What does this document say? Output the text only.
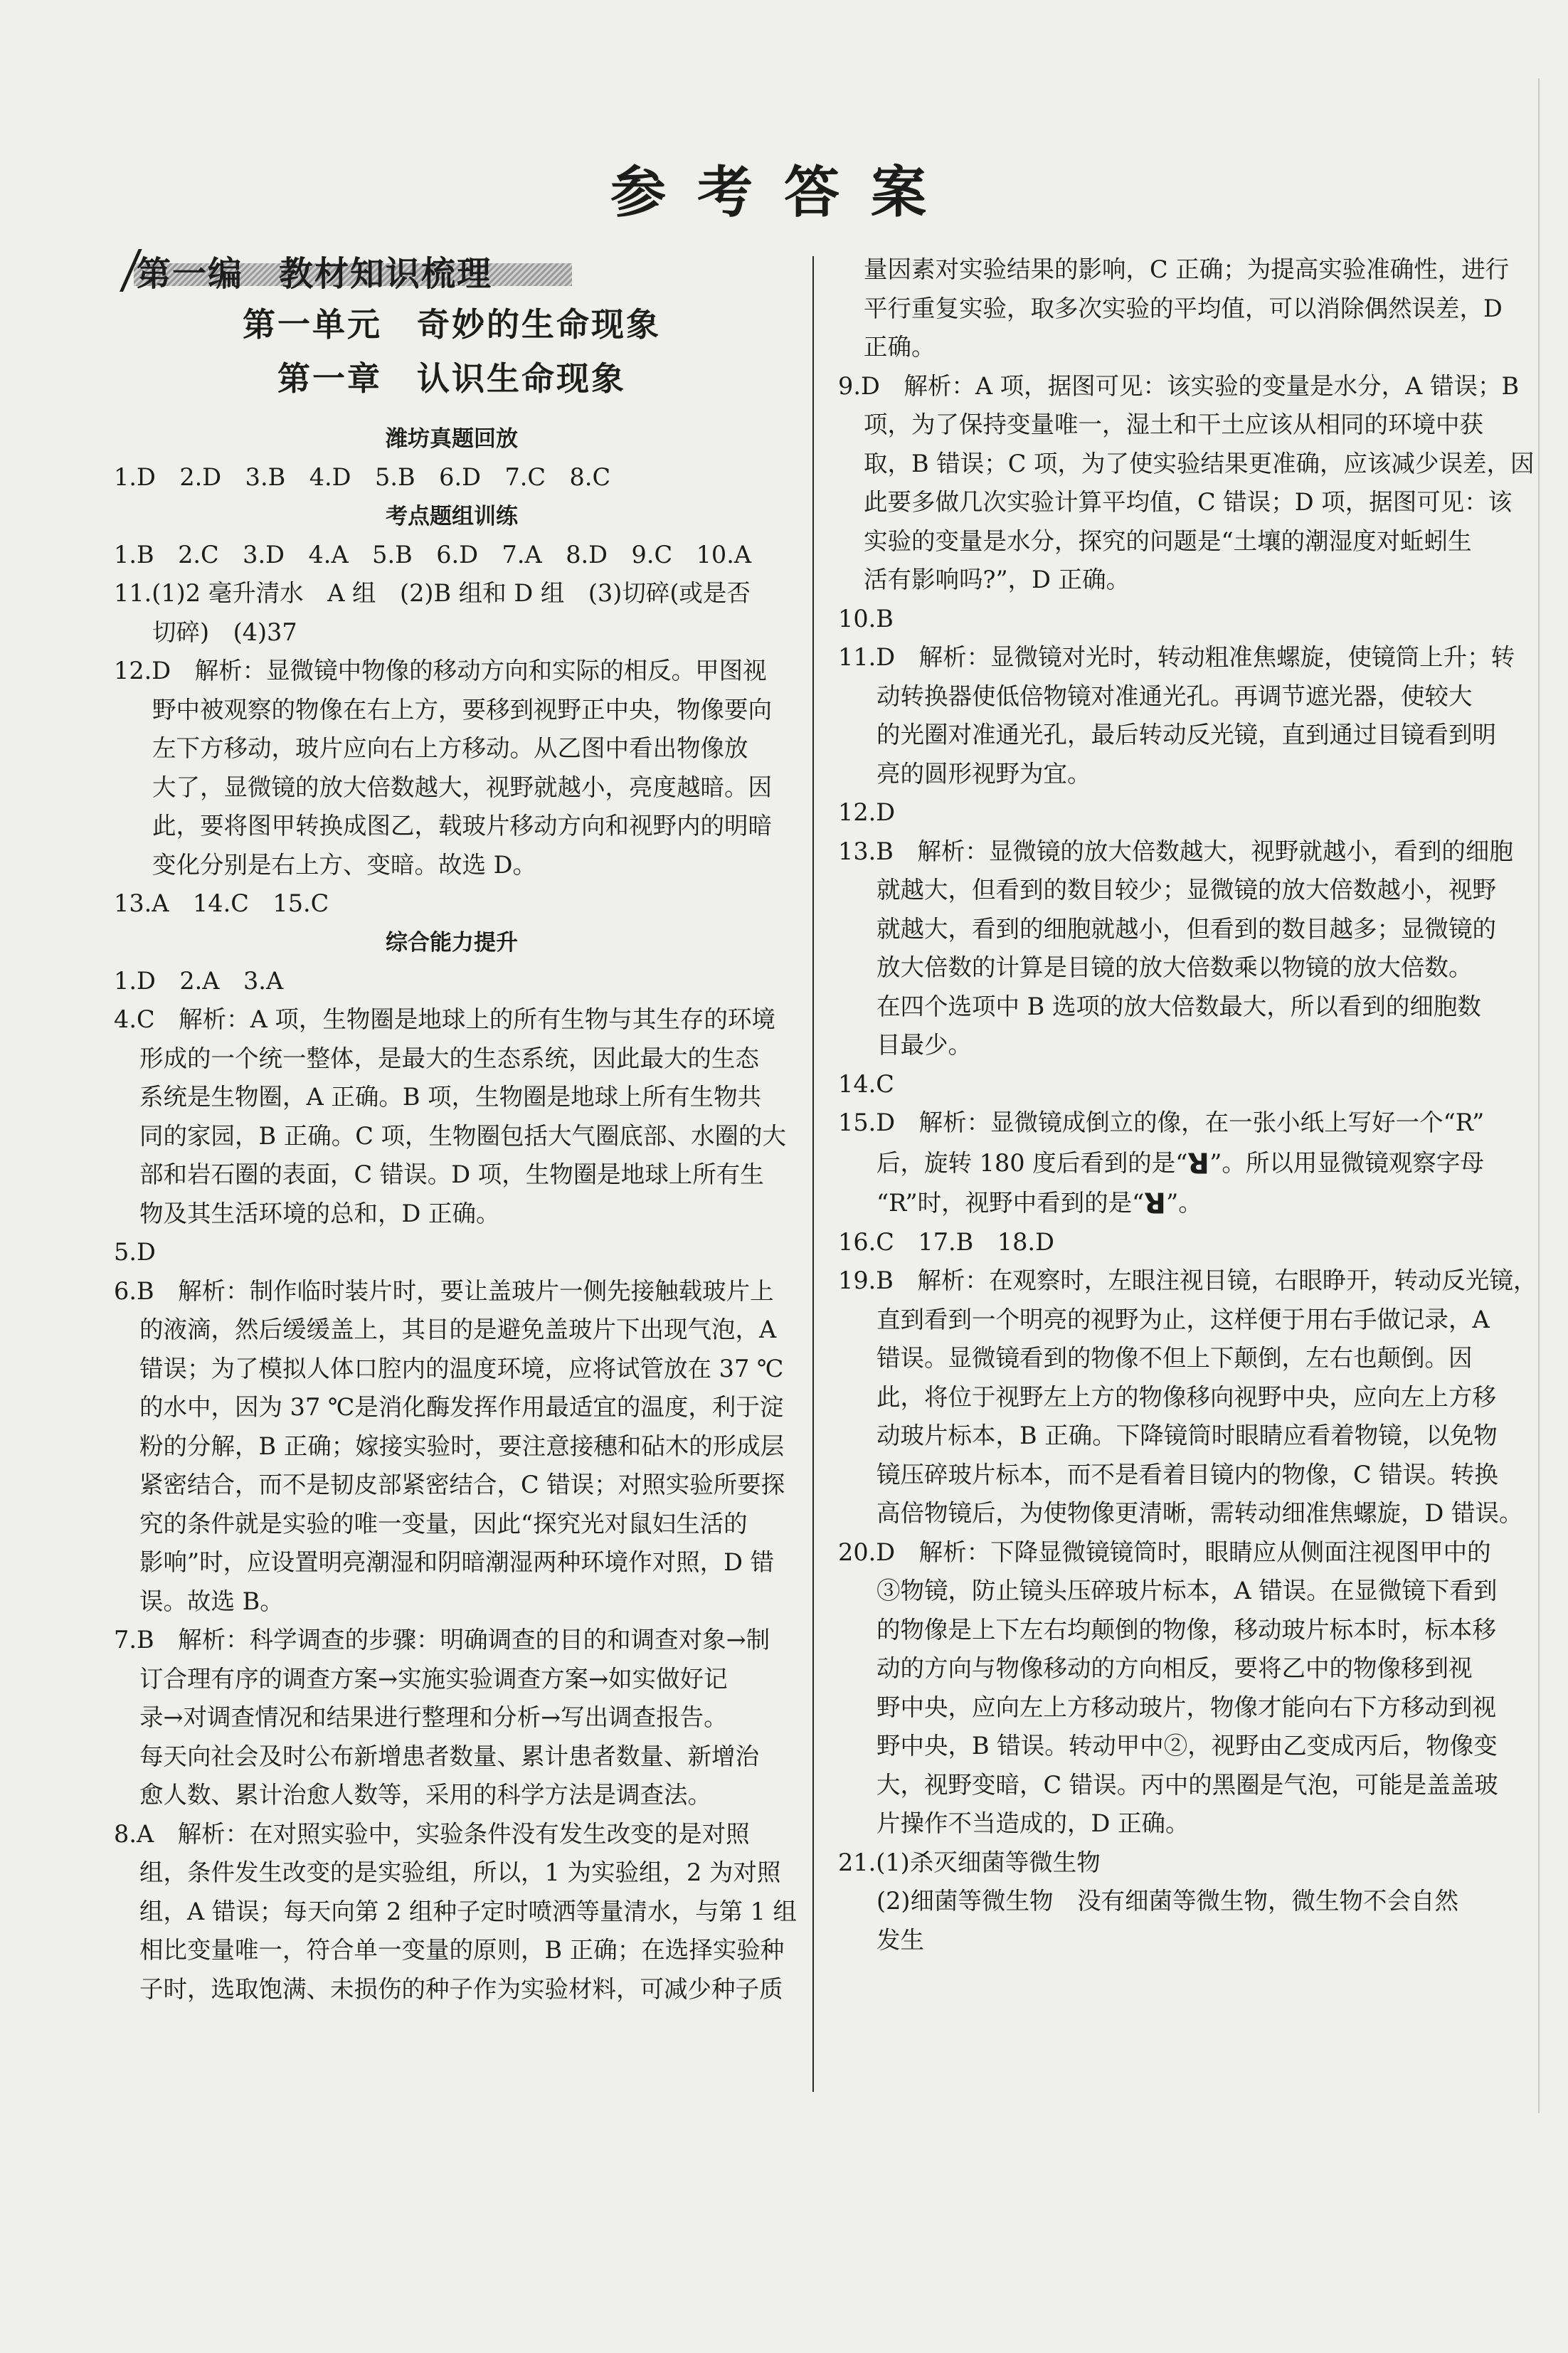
参考答案
第一编　教材知识梳理
第一单元　奇妙的生命现象
第一章　认识生命现象
潍坊真题回放
1.D　2.D　3.B　4.D　5.B　6.D　7.C　8.C
考点题组训练
1.B　2.C　3.D　4.A　5.B　6.D　7.A　8.D　9.C　10.A
11.(1)2 毫升清水　A 组　(2)B 组和 D 组　(3)切碎(或是否
切碎)　(4)37
12.D　解析：显微镜中物像的移动方向和实际的相反。甲图视
野中被观察的物像在右上方，要移到视野正中央，物像要向
左下方移动，玻片应向右上方移动。从乙图中看出物像放
大了，显微镜的放大倍数越大，视野就越小，亮度越暗。因
此，要将图甲转换成图乙，载玻片移动方向和视野内的明暗
变化分别是右上方、变暗。故选 D。
13.A　14.C　15.C
综合能力提升
1.D　2.A　3.A
4.C　解析：A 项，生物圈是地球上的所有生物与其生存的环境
形成的一个统一整体，是最大的生态系统，因此最大的生态
系统是生物圈，A 正确。B 项，生物圈是地球上所有生物共
同的家园，B 正确。C 项，生物圈包括大气圈底部、水圈的大
部和岩石圈的表面，C 错误。D 项，生物圈是地球上所有生
物及其生活环境的总和，D 正确。
5.D
6.B　解析：制作临时装片时，要让盖玻片一侧先接触载玻片上
的液滴，然后缓缓盖上，其目的是避免盖玻片下出现气泡，A
错误；为了模拟人体口腔内的温度环境，应将试管放在 37 ℃
的水中，因为 37 ℃是消化酶发挥作用最适宜的温度，利于淀
粉的分解，B 正确；嫁接实验时，要注意接穗和砧木的形成层
紧密结合，而不是韧皮部紧密结合，C 错误；对照实验所要探
究的条件就是实验的唯一变量，因此“探究光对鼠妇生活的
影响”时，应设置明亮潮湿和阴暗潮湿两种环境作对照，D 错
误。故选 B。
7.B　解析：科学调查的步骤：明确调查的目的和调查对象→制
订合理有序的调查方案→实施实验调查方案→如实做好记
录→对调查情况和结果进行整理和分析→写出调查报告。
每天向社会及时公布新增患者数量、累计患者数量、新增治
愈人数、累计治愈人数等，采用的科学方法是调查法。
8.A　解析：在对照实验中，实验条件没有发生改变的是对照
组，条件发生改变的是实验组，所以，1 为实验组，2 为对照
组，A 错误；每天向第 2 组种子定时喷洒等量清水，与第 1 组
相比变量唯一，符合单一变量的原则，B 正确；在选择实验种
子时，选取饱满、未损伤的种子作为实验材料，可减少种子质
量因素对实验结果的影响，C 正确；为提高实验准确性，进行
平行重复实验，取多次实验的平均值，可以消除偶然误差，D
正确。
9.D　解析：A 项，据图可见：该实验的变量是水分，A 错误；B
项，为了保持变量唯一，湿土和干土应该从相同的环境中获
取，B 错误；C 项，为了使实验结果更准确，应该减少误差，因
此要多做几次实验计算平均值，C 错误；D 项，据图可见：该
实验的变量是水分，探究的问题是“土壤的潮湿度对蚯蚓生
活有影响吗?”，D 正确。
10.B
11.D　解析：显微镜对光时，转动粗准焦螺旋，使镜筒上升；转
动转换器使低倍物镜对准通光孔。再调节遮光器，使较大
的光圈对准通光孔，最后转动反光镜，直到通过目镜看到明
亮的圆形视野为宜。
12.D
13.B　解析：显微镜的放大倍数越大，视野就越小，看到的细胞
就越大，但看到的数目较少；显微镜的放大倍数越小，视野
就越大，看到的细胞就越小，但看到的数目越多；显微镜的
放大倍数的计算是目镜的放大倍数乘以物镜的放大倍数。
在四个选项中 B 选项的放大倍数最大，所以看到的细胞数
目最少。
14.C
15.D　解析：显微镜成倒立的像，在一张小纸上写好一个“R”
后，旋转 180 度后看到的是“R”。所以用显微镜观察字母
“R”时，视野中看到的是“R”。
16.C　17.B　18.D
19.B　解析：在观察时，左眼注视目镜，右眼睁开，转动反光镜，
直到看到一个明亮的视野为止，这样便于用右手做记录，A
错误。显微镜看到的物像不但上下颠倒，左右也颠倒。因
此，将位于视野左上方的物像移向视野中央，应向左上方移
动玻片标本，B 正确。下降镜筒时眼睛应看着物镜，以免物
镜压碎玻片标本，而不是看着目镜内的物像，C 错误。转换
高倍物镜后，为使物像更清晰，需转动细准焦螺旋，D 错误。
20.D　解析：下降显微镜镜筒时，眼睛应从侧面注视图甲中的
③物镜，防止镜头压碎玻片标本，A 错误。在显微镜下看到
的物像是上下左右均颠倒的物像，移动玻片标本时，标本移
动的方向与物像移动的方向相反，要将乙中的物像移到视
野中央，应向左上方移动玻片，物像才能向右下方移动到视
野中央，B 错误。转动甲中②，视野由乙变成丙后，物像变
大，视野变暗，C 错误。丙中的黑圈是气泡，可能是盖盖玻
片操作不当造成的，D 正确。
21.(1)杀灭细菌等微生物
(2)细菌等微生物　没有细菌等微生物，微生物不会自然
发生
